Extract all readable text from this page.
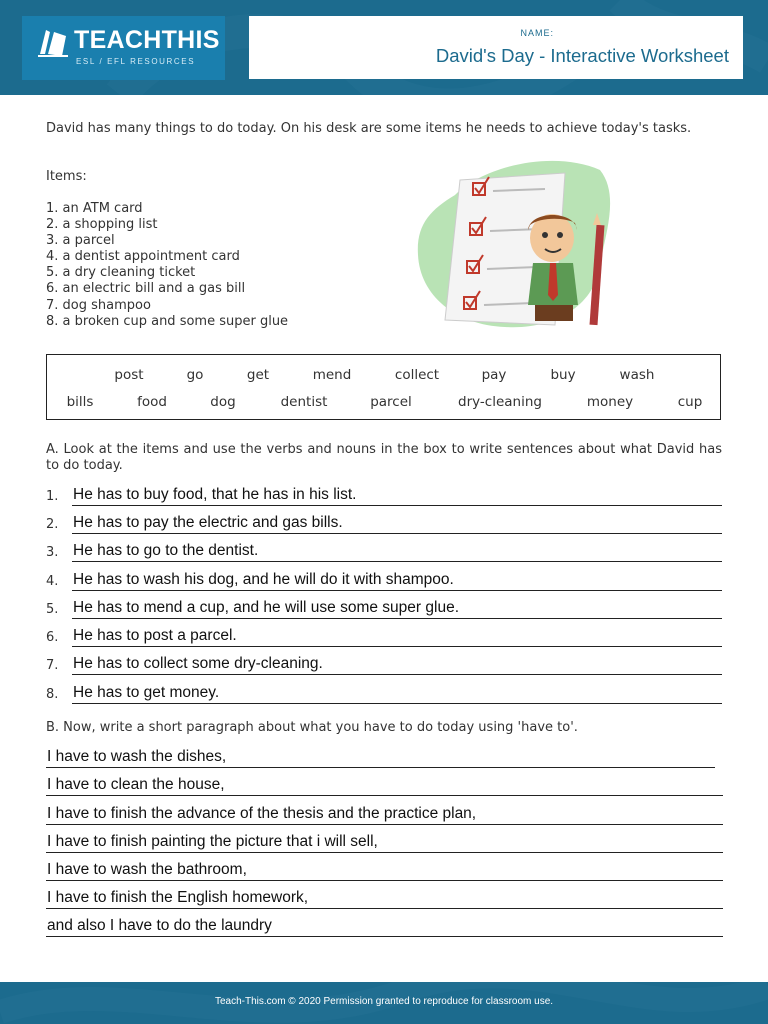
TEACHTHIS
ESL / EFL RESOURCES
NAME:
David's Day - Interactive Worksheet
David has many things to do today. On his desk are some items he needs to achieve today's tasks.
Items:
1. an ATM card
2. a shopping list
3. a parcel
4. a dentist appointment card
5. a dry cleaning ticket
6. an electric bill and a gas bill
7. dog shampoo
8. a broken cup and some super glue
post	go	get	mend	collect	pay	buy	wash
bills	food	dog	dentist	parcel	dry-cleaning	money	cup
A. Look at the items and use the verbs and nouns in the box to write sentences about what David has to do today.
1. He has to buy food, that he has in his list.
2. He has to pay the electric and gas bills.
3. He has to go to the dentist.
4. He has to wash his dog, and he will do it with shampoo.
5. He has to mend a cup, and he will use some super glue.
6. He has to post a parcel.
7. He has to collect some dry-cleaning.
8. He has to get money.
B. Now, write a short paragraph about what you have to do today using 'have to'.
I have to wash the dishes,
I have to clean the house,
I have to finish the advance of the thesis and the practice plan,
I have to finish painting the picture that i will sell,
I have to wash the bathroom,
I have to finish the English homework,
and also I have to do the laundry
Teach-This.com © 2020 Permission granted to reproduce for classroom use.
